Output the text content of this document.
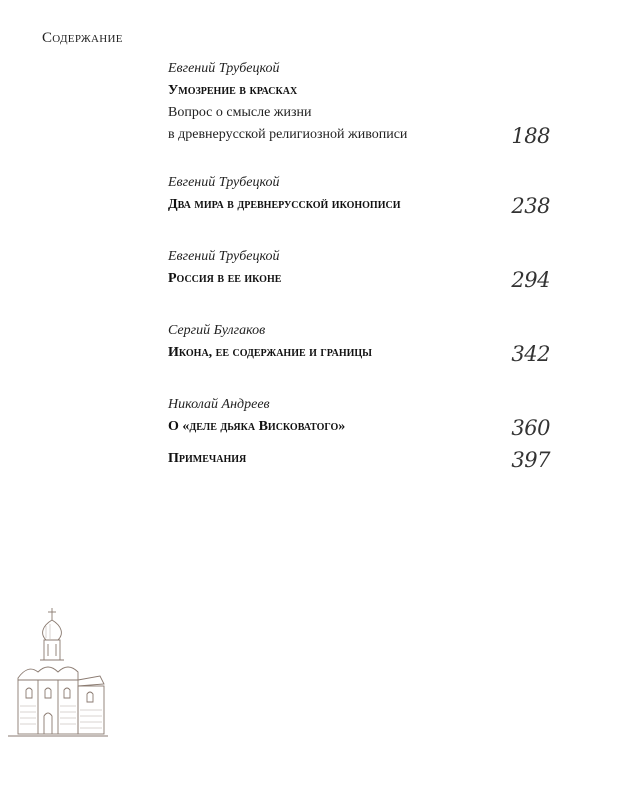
Содержание
Евгений Трубецкой
Умозрение в красках
Вопрос о смысле жизни
в древнерусской религиозной живописи	188
Евгений Трубецкой
Два мира в древнерусской иконописи	238
Евгений Трубецкой
Россия в ее иконе	294
Сергий Булгаков
Икона, ее содержание и границы	342
Николай Андреев
О «деле дьяка Висковатого»	360
Примечания	397
